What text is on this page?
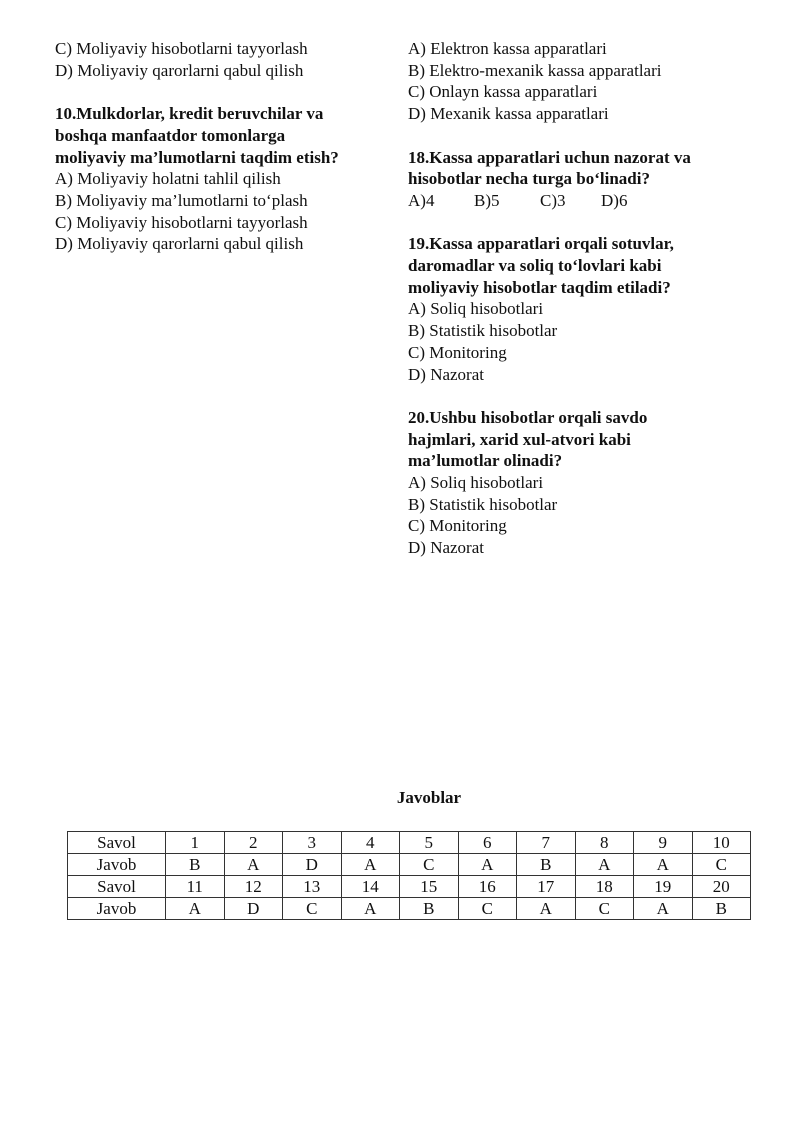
C) Moliyaviy hisobotlarni tayyorlash
D) Moliyaviy qarorlarni qabul qilish
10.Mulkdorlar, kredit beruvchilar va
boshqa manfaatdor tomonlarga
moliyaviy ma’lumotlarni taqdim etish?
A) Moliyaviy holatni tahlil qilish
B) Moliyaviy ma’lumotlarni to‘plash
C) Moliyaviy hisobotlarni tayyorlash
D) Moliyaviy qarorlarni qabul qilish
A) Elektron kassa apparatlari
B) Elektro-mexanik kassa apparatlari
C) Onlayn kassa apparatlari
D) Mexanik kassa apparatlari
18.Kassa apparatlari uchun nazorat va
hisobotlar necha turga bo‘linadi?
A)4	B)5	C)3	D)6
19.Kassa apparatlari orqali sotuvlar,
daromadlar va soliq to‘lovlari kabi
moliyaviy hisobotlar taqdim etiladi?
A) Soliq hisobotlari
B) Statistik hisobotlar
C) Monitoring
D) Nazorat
20.Ushbu hisobotlar orqali savdo
hajmlari, xarid xul-atvori kabi
ma’lumotlar olinadi?
A) Soliq hisobotlari
B) Statistik hisobotlar
C) Monitoring
D) Nazorat
Javoblar
Savol	1	2	3	4	5	6	7	8	9	10
Javob	B	A	D	A	C	A	B	A	A	C
Savol	11	12	13	14	15	16	17	18	19	20
Javob	A	D	C	A	B	C	A	C	A	B
